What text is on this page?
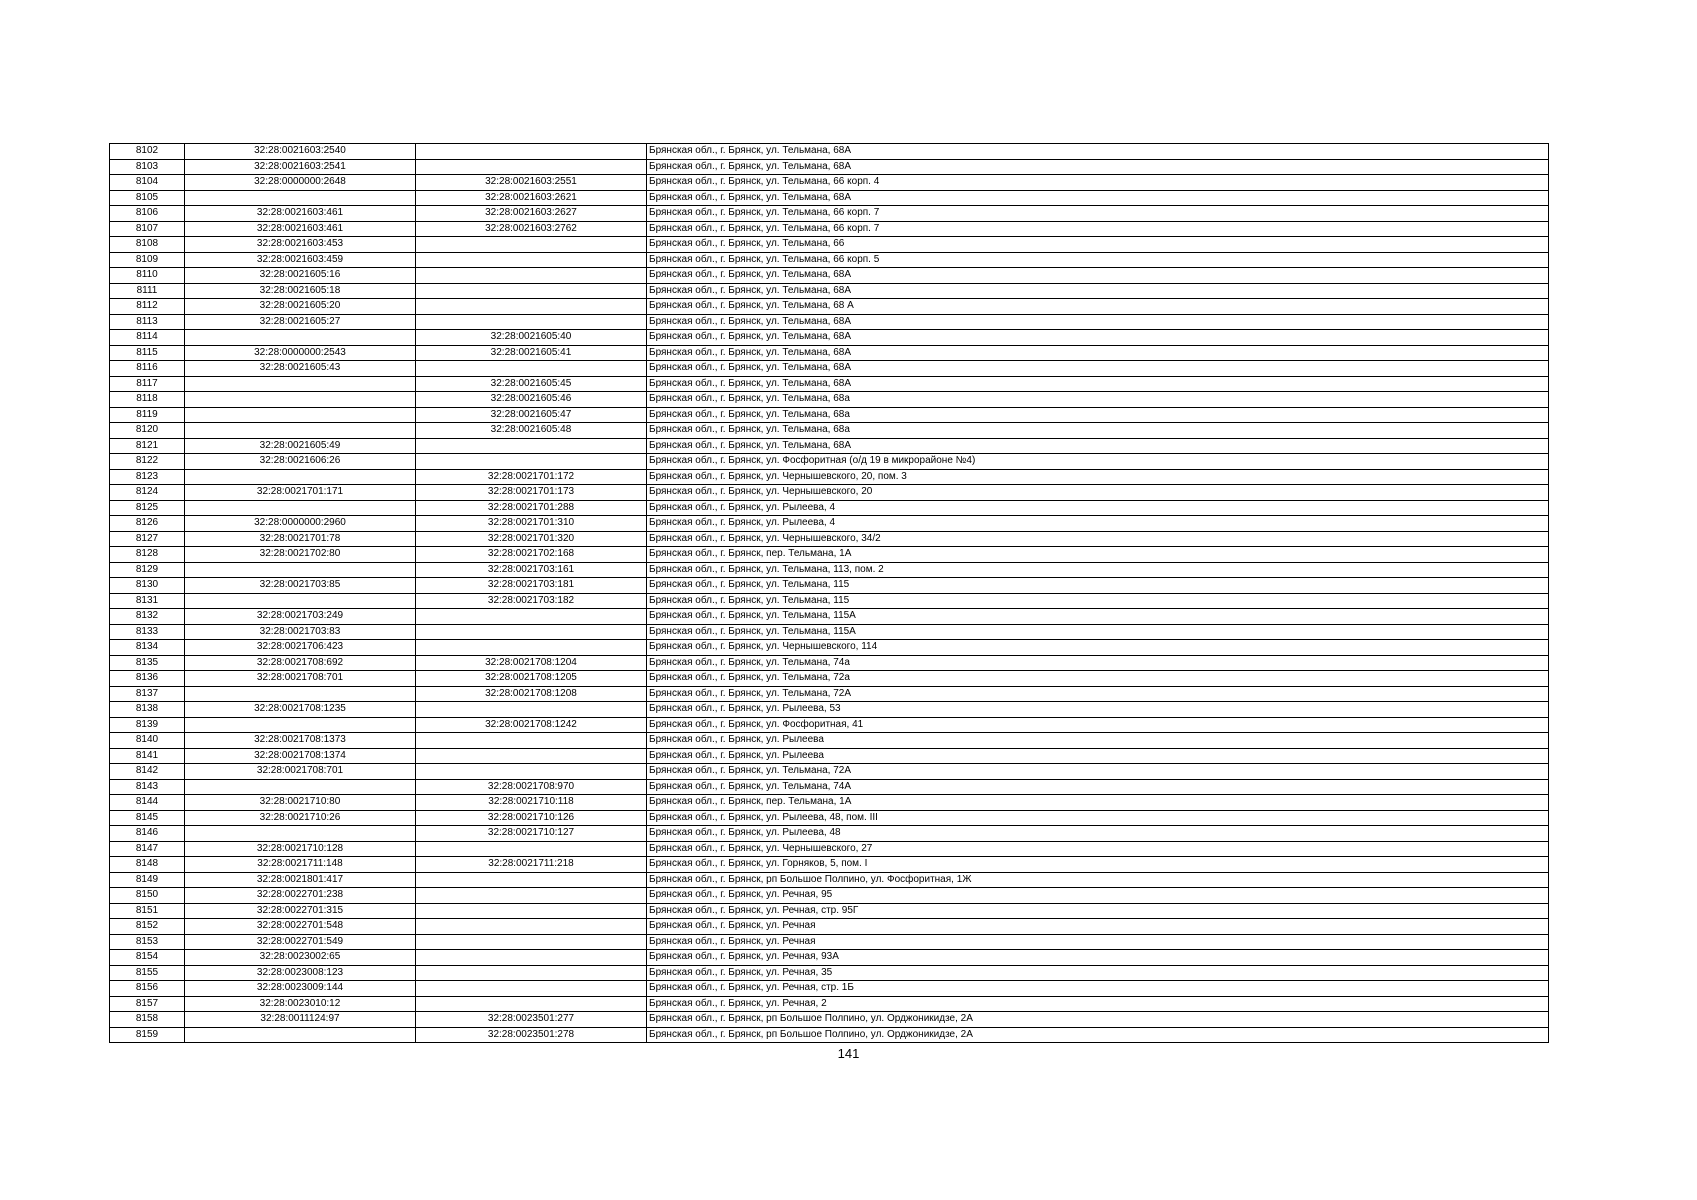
8102	32:28:0021603:2540		Брянская обл., г. Брянск, ул. Тельмана, 68А
8103	32:28:0021603:2541		Брянская обл., г. Брянск, ул. Тельмана, 68А
8104	32:28:0000000:2648	32:28:0021603:2551	Брянская обл., г. Брянск, ул. Тельмана, 66 корп. 4
8105		32:28:0021603:2621	Брянская обл., г. Брянск, ул. Тельмана, 68А
8106	32:28:0021603:461	32:28:0021603:2627	Брянская обл., г. Брянск, ул. Тельмана, 66 корп. 7
8107	32:28:0021603:461	32:28:0021603:2762	Брянская обл., г. Брянск, ул. Тельмана, 66 корп. 7
8108	32:28:0021603:453		Брянская обл., г. Брянск, ул. Тельмана, 66
8109	32:28:0021603:459		Брянская обл., г. Брянск, ул. Тельмана, 66 корп. 5
8110	32:28:0021605:16		Брянская обл., г. Брянск, ул. Тельмана, 68А
8111	32:28:0021605:18		Брянская обл., г. Брянск, ул. Тельмана, 68А
8112	32:28:0021605:20		Брянская обл., г. Брянск, ул. Тельмана, 68 А
8113	32:28:0021605:27		Брянская обл., г. Брянск, ул. Тельмана, 68А
8114		32:28:0021605:40	Брянская обл., г. Брянск, ул. Тельмана, 68А
8115	32:28:0000000:2543	32:28:0021605:41	Брянская обл., г. Брянск, ул. Тельмана, 68А
8116	32:28:0021605:43		Брянская обл., г. Брянск, ул. Тельмана, 68А
8117		32:28:0021605:45	Брянская обл., г. Брянск, ул. Тельмана, 68А
8118		32:28:0021605:46	Брянская обл., г. Брянск, ул. Тельмана, 68а
8119		32:28:0021605:47	Брянская обл., г. Брянск, ул. Тельмана, 68а
8120		32:28:0021605:48	Брянская обл., г. Брянск, ул. Тельмана, 68а
8121	32:28:0021605:49		Брянская обл., г. Брянск, ул. Тельмана, 68А
8122	32:28:0021606:26		Брянская обл., г. Брянск, ул. Фосфоритная (о/д 19 в микрорайоне №4)
8123		32:28:0021701:172	Брянская обл., г. Брянск, ул. Чернышевского, 20, пом. 3
8124	32:28:0021701:171	32:28:0021701:173	Брянская обл., г. Брянск, ул. Чернышевского, 20
8125		32:28:0021701:288	Брянская обл., г. Брянск, ул. Рылеева, 4
8126	32:28:0000000:2960	32:28:0021701:310	Брянская обл., г. Брянск, ул. Рылеева, 4
8127	32:28:0021701:78	32:28:0021701:320	Брянская обл., г. Брянск, ул. Чернышевского, 34/2
8128	32:28:0021702:80	32:28:0021702:168	Брянская обл., г. Брянск, пер. Тельмана, 1А
8129		32:28:0021703:161	Брянская обл., г. Брянск, ул. Тельмана, 113, пом. 2
8130	32:28:0021703:85	32:28:0021703:181	Брянская обл., г. Брянск, ул. Тельмана, 115
8131		32:28:0021703:182	Брянская обл., г. Брянск, ул. Тельмана, 115
8132	32:28:0021703:249		Брянская обл., г. Брянск, ул. Тельмана, 115А
8133	32:28:0021703:83		Брянская обл., г. Брянск, ул. Тельмана, 115А
8134	32:28:0021706:423		Брянская обл., г. Брянск, ул. Чернышевского, 114
8135	32:28:0021708:692	32:28:0021708:1204	Брянская обл., г. Брянск, ул. Тельмана, 74а
8136	32:28:0021708:701	32:28:0021708:1205	Брянская обл., г. Брянск, ул. Тельмана, 72а
8137		32:28:0021708:1208	Брянская обл., г. Брянск, ул. Тельмана, 72А
8138	32:28:0021708:1235		Брянская обл., г. Брянск, ул. Рылеева, 53
8139		32:28:0021708:1242	Брянская обл., г. Брянск, ул. Фосфоритная, 41
8140	32:28:0021708:1373		Брянская обл., г. Брянск, ул. Рылеева
8141	32:28:0021708:1374		Брянская обл., г. Брянск, ул. Рылеева
8142	32:28:0021708:701		Брянская обл., г. Брянск, ул. Тельмана, 72А
8143		32:28:0021708:970	Брянская обл., г. Брянск, ул. Тельмана, 74А
8144	32:28:0021710:80	32:28:0021710:118	Брянская обл., г. Брянск, пер. Тельмана, 1А
8145	32:28:0021710:26	32:28:0021710:126	Брянская обл., г. Брянск, ул. Рылеева, 48, пом. III
8146		32:28:0021710:127	Брянская обл., г. Брянск, ул. Рылеева, 48
8147	32:28:0021710:128		Брянская обл., г. Брянск, ул. Чернышевского, 27
8148	32:28:0021711:148	32:28:0021711:218	Брянская обл., г. Брянск, ул. Горняков, 5, пом. I
8149	32:28:0021801:417		Брянская обл., г. Брянск, рп Большое Полпино, ул. Фосфоритная, 1Ж
8150	32:28:0022701:238		Брянская обл., г. Брянск, ул. Речная, 95
8151	32:28:0022701:315		Брянская обл., г. Брянск, ул. Речная, стр. 95Г
8152	32:28:0022701:548		Брянская обл., г. Брянск, ул. Речная
8153	32:28:0022701:549		Брянская обл., г. Брянск, ул. Речная
8154	32:28:0023002:65		Брянская обл., г. Брянск, ул. Речная, 93А
8155	32:28:0023008:123		Брянская обл., г. Брянск, ул. Речная, 35
8156	32:28:0023009:144		Брянская обл., г. Брянск, ул. Речная, стр. 1Б
8157	32:28:0023010:12		Брянская обл., г. Брянск, ул. Речная, 2
8158	32:28:0011124:97	32:28:0023501:277	Брянская обл., г. Брянск, рп Большое Полпино, ул. Орджоникидзе, 2А
8159		32:28:0023501:278	Брянская обл., г. Брянск, рп Большое Полпино, ул. Орджоникидзе, 2А
141
